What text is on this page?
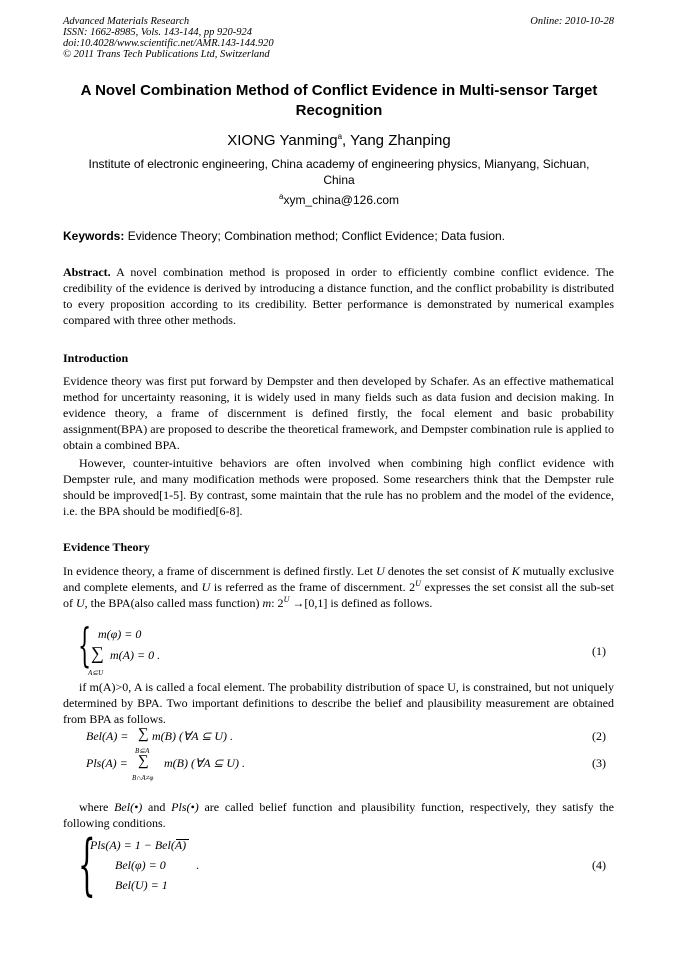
Advanced Materials Research
ISSN: 1662-8985, Vols. 143-144, pp 920-924
doi:10.4028/www.scientific.net/AMR.143-144.920
© 2011 Trans Tech Publications Ltd, Switzerland
Online: 2010-10-28
A Novel Combination Method of Conflict Evidence in Multi-sensor Target
Recognition
XIONG Yanming$^a$, Yang Zhanping
Institute of electronic engineering, China academy of engineering physics, Mianyang, Sichuan,
China
$^a$xym_china@126.com
Keywords: Evidence Theory; Combination method; Conflict Evidence; Data fusion.
Abstract. A novel combination method is proposed in order to efficiently combine conflict evidence. The credibility of the evidence is derived by introducing a distance function, and the conflict probability is distributed to every proposition according to its credibility. Better performance is demonstrated by numerical examples compared with three other methods.
Introduction
Evidence theory was first put forward by Dempster and then developed by Schafer. As an effective mathematical method for uncertainty reasoning, it is widely used in many fields such as data fusion and decision making. In evidence theory, a frame of discernment is defined firstly, the focal element and basic probability assignment(BPA) are proposed to describe the theoretical framework, and Dempster combination rule is applied to obtain a combined BPA.
However, counter-intuitive behaviors are often involved when combining high conflict evidence with Dempster rule, and many modification methods were proposed. Some researchers think that the Dempster rule should be improved[1-5]. By contrast, some maintain that the rule has no problem and the model of the evidence, i.e. the BPA should be modified[6-8].
Evidence Theory
In evidence theory, a frame of discernment is defined firstly. Let U denotes the set consist of K mutually exclusive and complete elements, and U is referred as the frame of discernment. $2^U$ expresses the set consist all the sub-set of U, the BPA(also called mass function) m: $2^U \to[0,1]$ is defined as follows.
{ m(φ) = 0
∑
A⊆U
m(A) = 0 .	(1)
if m(A)>0, A is called a focal element. The probability distribution of space U, is constrained, but not uniquely determined by BPA. Two important definitions to describe the belief and plausibility measurement are obtained from BPA as follows.
Bel(A) = ∑
B⊆A
m(B) (∀A ⊆ U) .	(2)
Pls(A) = ∑
B∩A≠φ
m(B) (∀A ⊆ U) .	(3)
where Bel(•) and Pls(•) are called belief function and plausibility function, respectively, they satisfy the following conditions.
{
Pls(A) = 1 − Bel(A)
Bel(φ) = 0	.
Bel(U) = 1
(4)
